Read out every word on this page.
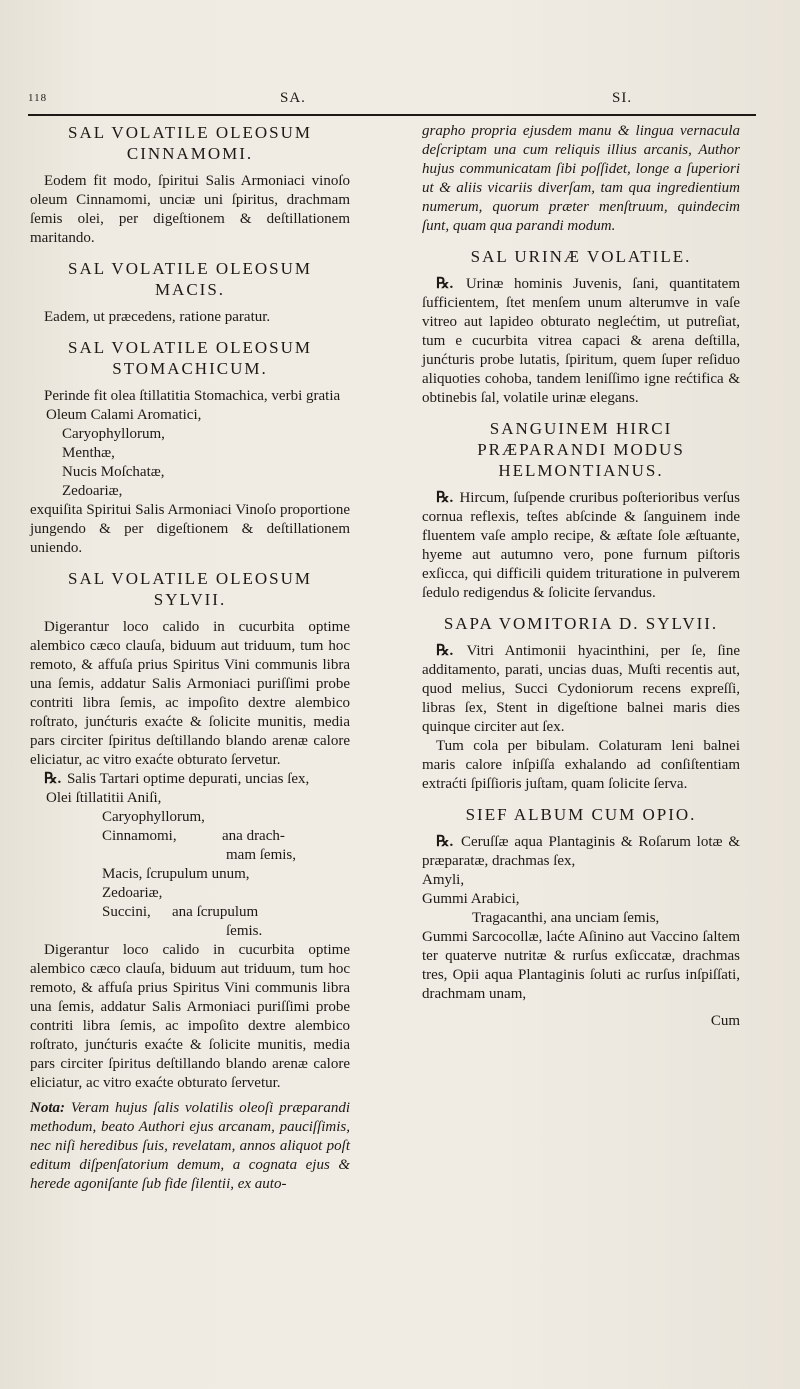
118	SA.	SI.
SAL VOLATILE OLEOSUM CINNAMOMI.

Eodem fit modo, ſpiritui Salis Armoniaci vinoſo oleum Cinnamomi, unciæ uni ſpiritus, drachmam ſemis olei, per digeſtionem & deſtillationem maritando.

SAL VOLATILE OLEOSUM MACIS.

Eadem, ut præcedens, ratione paratur.

SAL VOLATILE OLEOSUM STOMACHICUM.

Perinde fit olea ſtillatitia Stomachica, verbi gratia

Oleum Calami Aromatici,
Caryophyllorum,
Menthæ,
Nucis Moſchatæ,
Zedoariæ,

exquiſita Spiritui Salis Armoniaci Vinoſo proportione jungendo & per digeſtionem & deſtillationem uniendo.

SAL VOLATILE OLEOSUM SYLVII.

Digerantur loco calido in cucurbita optime alembico cæco clauſa, biduum aut triduum, tum hoc remoto, & affuſa prius Spiritus Vini communis libra una ſemis, addatur Salis Armoniaci puriſſimi probe contriti libra ſemis, ac impoſito dextre alembico roſtrato, junćturis exaćte & ſolicite munitis, media pars circiter ſpiritus deſtillando blando arenæ calore eliciatur, ac vitro exaćte obturato ſervetur.

℞. Salis Tartari optime depurati, uncias ſex,

Olei ſtillatitii Aniſi,
Caryophyllorum,
Cinnamomi,	ana drach-
mam ſemis,
Macis, ſcrupulum unum,
Zedoariæ,
Succini, ana ſcrupulum
ſemis.

Digerantur loco calido in cucurbita optime alembico cæco clauſa, biduum aut triduum, tum hoc remoto, & affuſa prius Spiritus Vini communis libra una ſemis, addatur Salis Armoniaci puriſſimi probe contriti libra ſemis, ac impoſito dextre alembico roſtrato, junćturis exaćte & ſolicite munitis, media pars circiter ſpiritus deſtillando blando arenæ calore eliciatur, ac vitro exaćte obturato ſervetur.

Nota: Veram hujus ſalis volatilis oleoſi præparandi methodum, beato Authori ejus arcanam, pauciſſimis, nec niſi heredibus ſuis, revelatam, annos aliquot poſt editum diſpenſatorium demum, a cognata ejus & herede agoniſante ſub fide ſilentii, ex auto-

grapho propria ejusdem manu & lingua vernacula deſcriptam una cum reliquis illius arcanis, Author hujus communicatam ſibi poſſidet, longe a ſuperiori ut & aliis vicariis diverſam, tam qua ingredientium numerum, quorum præter menſtruum, quindecim ſunt, quam qua parandi modum.

SAL URINÆ VOLATILE.

℞. Urinæ hominis Juvenis, ſani, quantitatem ſufficientem, ſtet menſem unum alterumve in vaſe vitreo aut lapideo obturato neglećtim, ut putreſiat, tum e cucurbita vitrea capaci & arena deſtilla, junćturis probe lutatis, ſpiritum, quem ſuper reſiduo aliquoties cohoba, tandem leniſſimo igne rećtifica & obtinebis ſal, volatile urinæ elegans.

SANGUINEM HIRCI PRÆPARANDI MODUS HELMONTIANUS.

℞. Hircum, ſuſpende cruribus poſterioribus verſus cornua reflexis, teſtes abſcinde & ſanguinem inde fluentem vaſe amplo recipe, & æſtate ſole æſtuante, hyeme aut autumno vero, pone furnum piſtoris exſicca, qui difficili quidem trituratione in pulverem ſedulo redigendus & ſolicite ſervandus.

SAPA VOMITORIA D. SYLVII.

℞. Vitri Antimonii hyacinthini, per ſe, ſine additamento, parati, uncias duas, Muſti recentis aut, quod melius, Succi Cydoniorum recens expreſſi, libras ſex, Stent in digeſtione balnei maris dies quinque circiter aut ſex.

Tum cola per bibulam. Colaturam leni balnei maris calore inſpiſſa exhalando ad conſiſtentiam extraćti ſpiſſioris juſtam, quam ſolicite ſerva.

SIEF ALBUM CUM OPIO.

℞. Ceruſſæ aqua Plantaginis & Roſarum lotæ & præparatæ, drachmas ſex,

Amyli,
Gummi Arabici,
Tragacanthi, ana unciam ſemis,

Gummi Sarcocollæ, laćte Aſinino aut Vaccino ſaltem ter quaterve nutritæ & rurſus exſiccatæ, drachmas tres, Opii aqua Plantaginis ſoluti ac rurſus inſpiſſati, drachmam unam,

Cum
